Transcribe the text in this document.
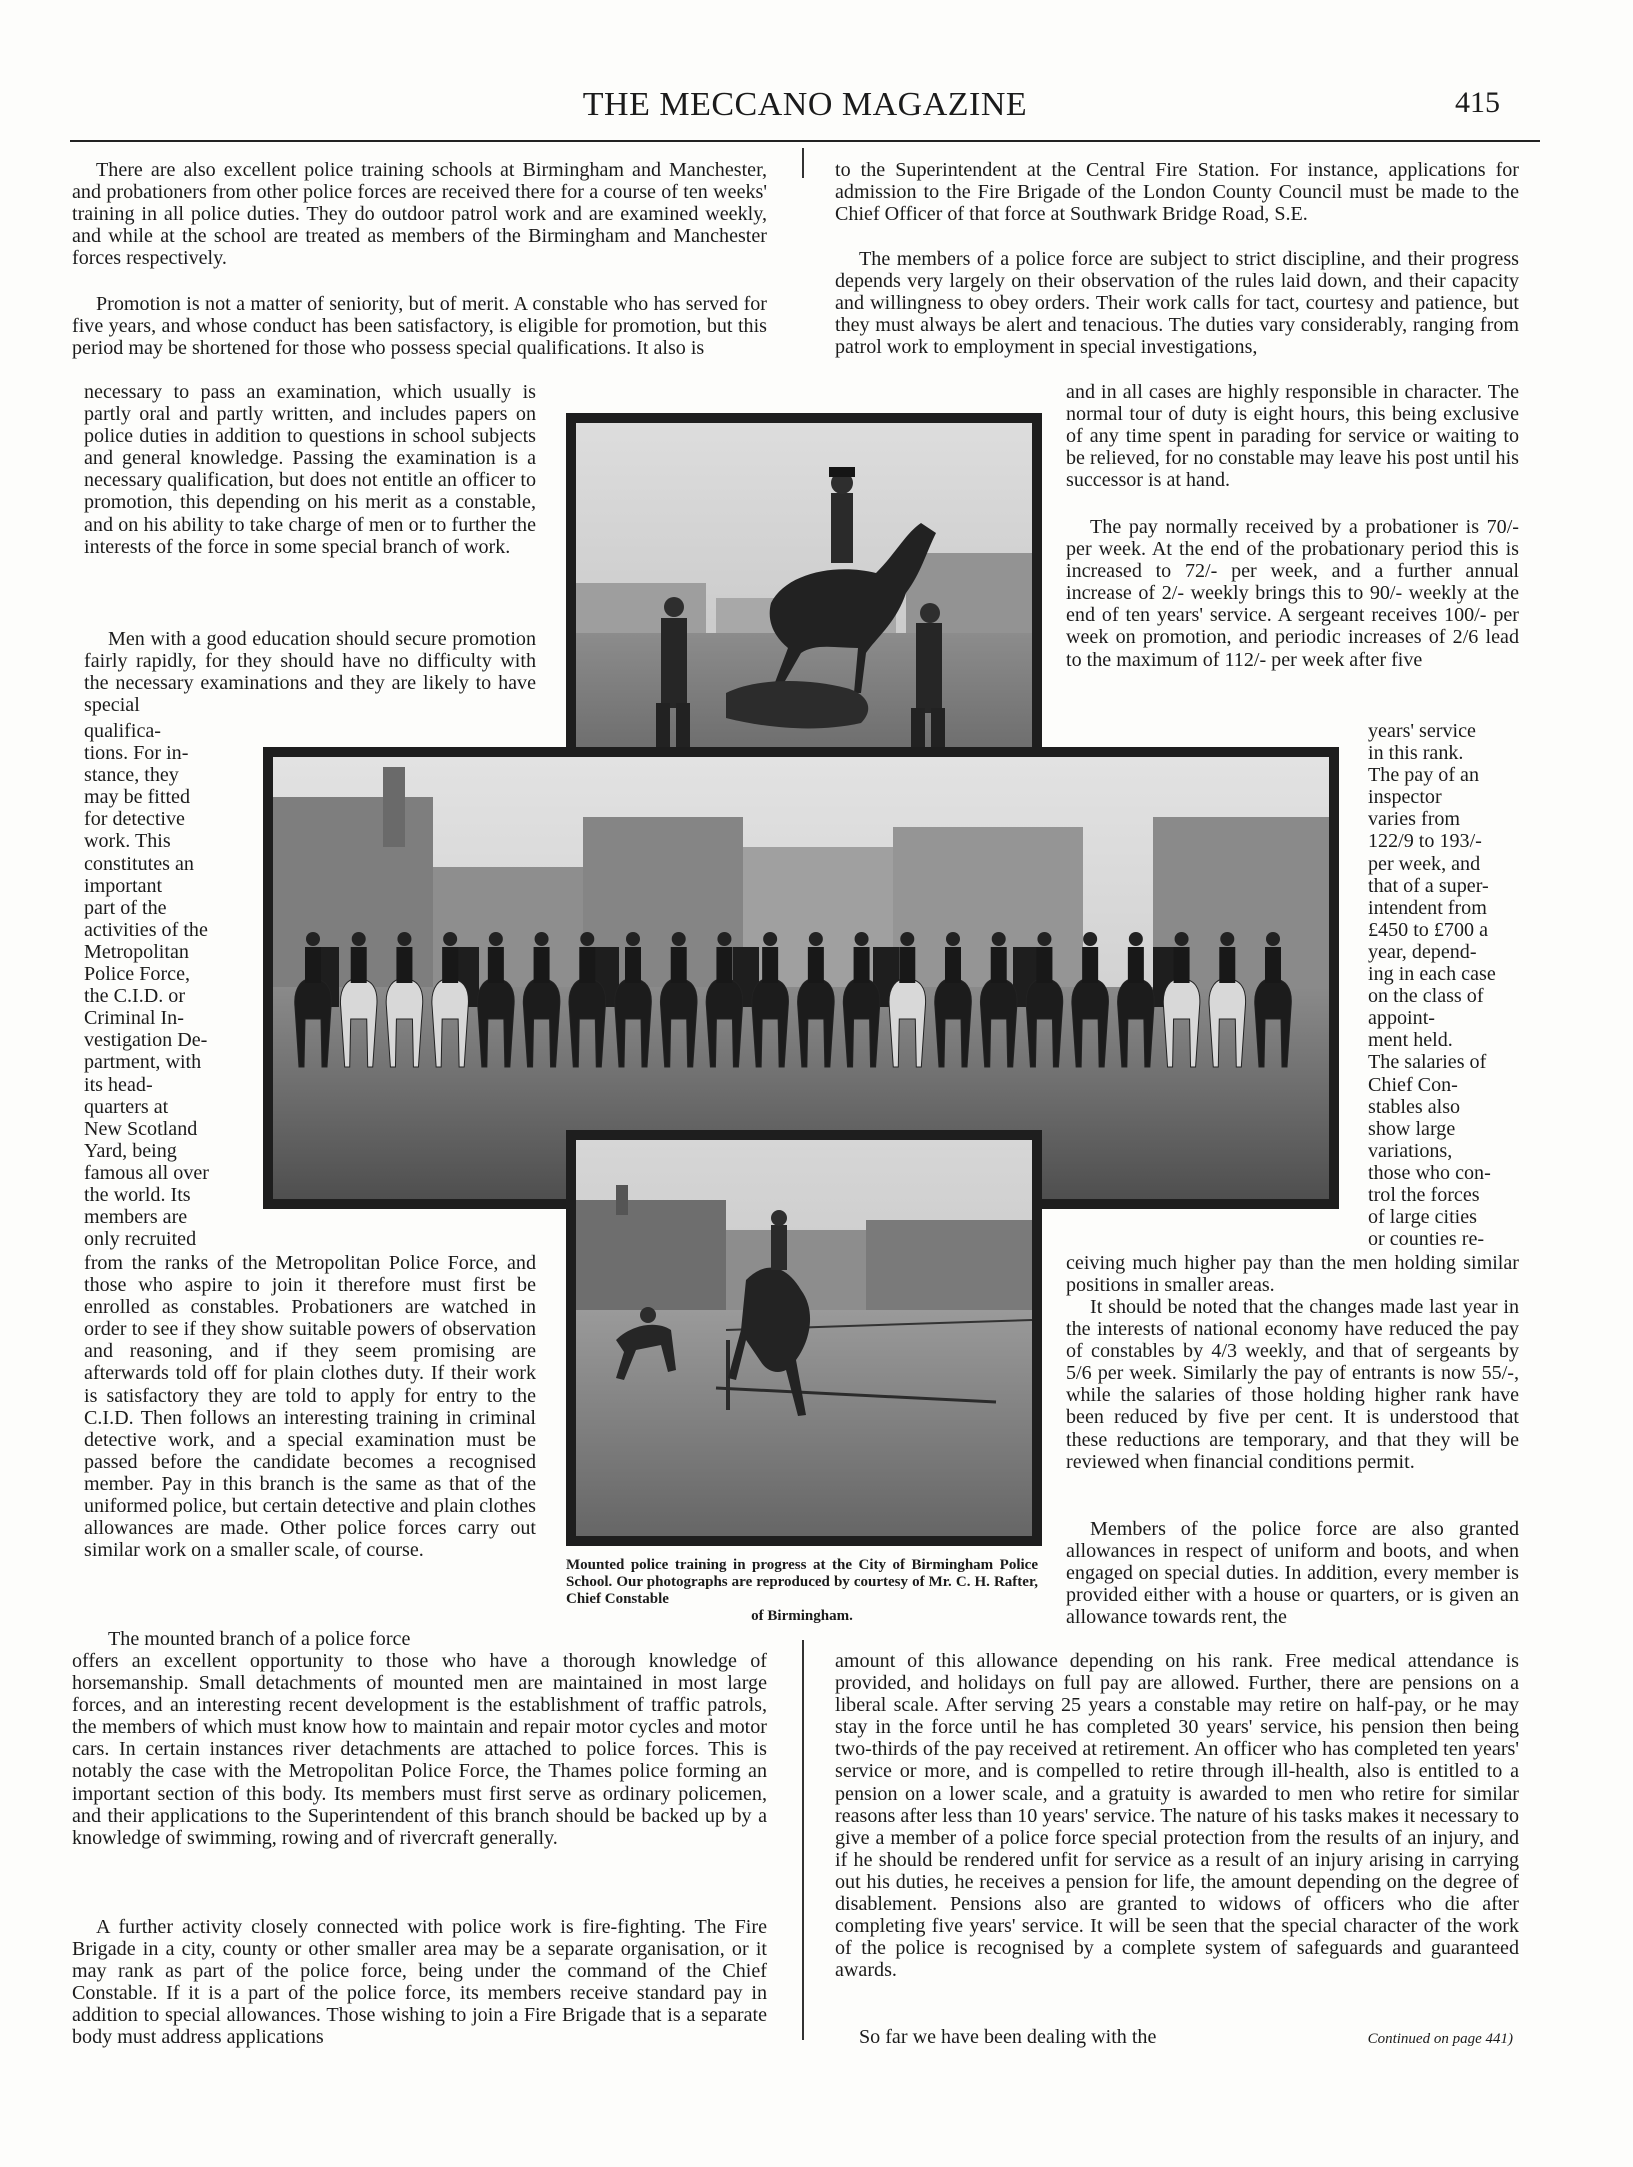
THE MECCANO MAGAZINE	415

There are also excellent police training schools at Birmingham and Manchester, and probationers from other police forces are received there for a course of ten weeks' training in all police duties. They do outdoor patrol work and are examined weekly, and while at the school are treated as members of the Birmingham and Manchester forces respectively.

Promotion is not a matter of seniority, but of merit. A constable who has served for five years, and whose conduct has been satisfactory, is eligible for promotion, but this period may be shortened for those who possess special qualifications. It also is

necessary to pass an examination, which usually is partly oral and partly written, and includes papers on police duties in addition to questions in school subjects and general knowledge. Passing the examination is a necessary qualification, but does not entitle an officer to promotion, this depending on his merit as a constable, and on his ability to take charge of men or to further the interests of the force in some special branch of work.

Men with a good education should secure promotion fairly rapidly, for they should have no difficulty with the necessary examinations and they are likely to have special

qualifica-
tions. For in-
stance, they
may be fitted
for detective
work. This
constitutes an
important
part of the
activities of the
Metropolitan
Police Force,
the C.I.D. or
Criminal In-
vestigation De-
partment, with
its head-
quarters at
New Scotland
Yard, being
famous all over
the world. Its
members are
only recruited

from the ranks of the Metropolitan Police Force, and those who aspire to join it therefore must first be enrolled as constables. Probationers are watched in order to see if they show suitable powers of observation and reasoning, and if they seem promising are afterwards told off for plain clothes duty. If their work is satisfactory they are told to apply for entry to the C.I.D. Then follows an interesting training in criminal detective work, and a special examination must be passed before the candidate becomes a recognised member. Pay in this branch is the same as that of the uniformed police, but certain detective and plain clothes allowances are made. Other police forces carry out similar work on a smaller scale, of course.

The mounted branch of a police force

offers an excellent opportunity to those who have a thorough knowledge of horsemanship. Small detachments of mounted men are maintained in most large forces, and an interesting recent development is the establishment of traffic patrols, the members of which must know how to maintain and repair motor cycles and motor cars. In certain instances river detachments are attached to police forces. This is notably the case with the Metropolitan Police Force, the Thames police forming an important section of this body. Its members must first serve as ordinary policemen, and their applications to the Superintendent of this branch should be backed up by a knowledge of swimming, rowing and of rivercraft generally.

A further activity closely connected with police work is fire-fighting. The Fire Brigade in a city, county or other smaller area may be a separate organisation, or it may rank as part of the police force, being under the command of the Chief Constable. If it is a part of the police force, its members receive standard pay in addition to special allowances. Those wishing to join a Fire Brigade that is a separate body must address applications

to the Superintendent at the Central Fire Station. For instance, applications for admission to the Fire Brigade of the London County Council must be made to the Chief Officer of that force at Southwark Bridge Road, S.E.

The members of a police force are subject to strict discipline, and their progress depends very largely on their observation of the rules laid down, and their capacity and willingness to obey orders. Their work calls for tact, courtesy and patience, but they must always be alert and tenacious. The duties vary considerably, ranging from patrol work to employment in special investigations,

and in all cases are highly responsible in character. The normal tour of duty is eight hours, this being exclusive of any time spent in parading for service or waiting to be relieved, for no constable may leave his post until his successor is at hand.

The pay normally received by a probationer is 70/- per week. At the end of the probationary period this is increased to 72/- per week, and a further annual increase of 2/- weekly brings this to 90/- weekly at the end of ten years' service. A sergeant receives 100/- per week on promotion, and periodic increases of 2/6 lead to the maximum of 112/- per week after five

years' service
in this rank.
The pay of an
inspector
varies from
122/9 to 193/-
per week, and
that of a super-
intendent from
£450 to £700 a
year, depend-
ing in each case
on the class of
appoint-
ment held.
The salaries of
Chief Con-
stables also
show large
variations,
those who con-
trol the forces
of large cities
or counties re-

ceiving much higher pay than the men holding similar positions in smaller areas.

It should be noted that the changes made last year in the interests of national economy have reduced the pay of constables by 4/3 weekly, and that of sergeants by 5/6 per week. Similarly the pay of entrants is now 55/-, while the salaries of those holding higher rank have been reduced by five per cent. It is understood that these reductions are temporary, and that they will be reviewed when financial conditions permit.

Members of the police force are also granted allowances in respect of uniform and boots, and when engaged on special duties. In addition, every member is provided either with a house or quarters, or is given an allowance towards rent, the

amount of this allowance depending on his rank. Free medical attendance is provided, and holidays on full pay are allowed. Further, there are pensions on a liberal scale. After serving 25 years a constable may retire on half-pay, or he may stay in the force until he has completed 30 years' service, his pension then being two-thirds of the pay received at retirement. An officer who has completed ten years' service or more, and is compelled to retire through ill-health, also is entitled to a pension on a lower scale, and a gratuity is awarded to men who retire for similar reasons after less than 10 years' service. The nature of his tasks makes it necessary to give a member of a police force special protection from the results of an injury, and if he should be rendered unfit for service as a result of an injury arising in carrying out his duties, he receives a pension for life, the amount depending on the degree of disablement. Pensions also are granted to widows of officers who die after completing five years' service. It will be seen that the special character of the work of the police is recognised by a complete system of safeguards and guaranteed awards.

So far we have been dealing with the	Continued on page 441)
Mounted police training in progress at the City of Birmingham Police School. Our photographs are reproduced by courtesy of Mr. C. H. Rafter, Chief Constable
of Birmingham.
